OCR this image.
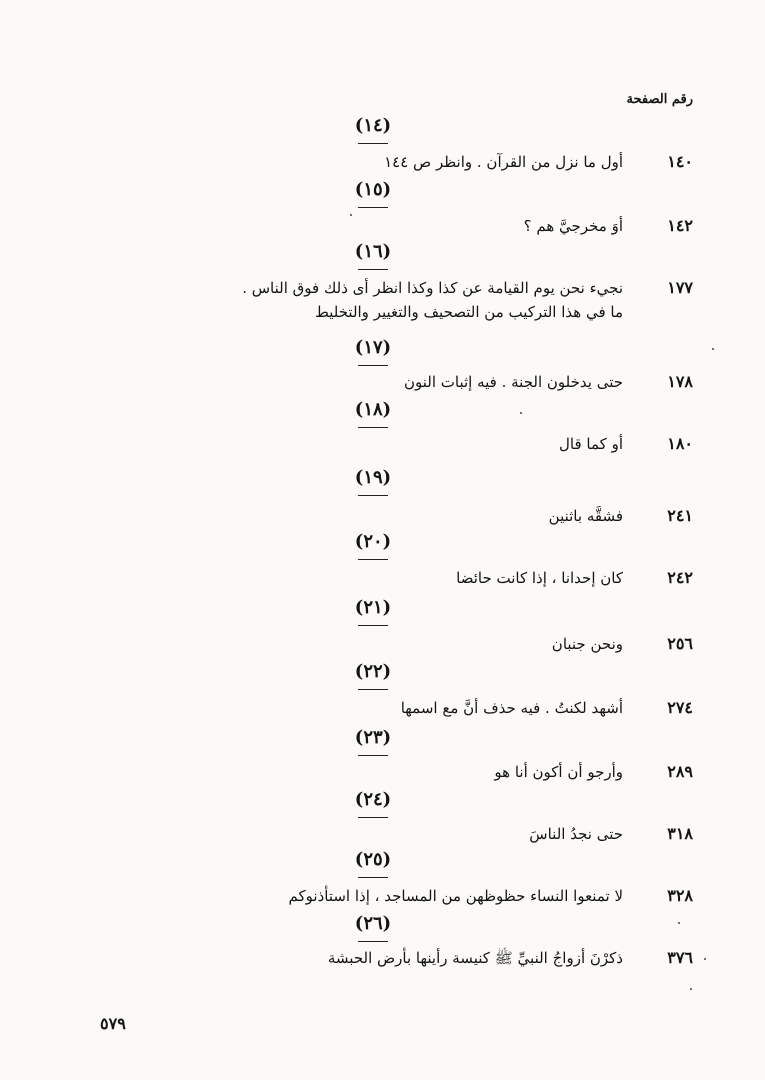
رقم الصفحة
(١٤)
١٤٠
أول ما نزل من القرآن . وانظر ص ١٤٤
(١٥)
١٤٢
أوَ مخرجيَّ هم ؟
(١٦)
١٧٧
نجيء نحن يوم القيامة عن كذا وكذا انظر أى ذلك فوق الناس .
ما في هذا التركيب من التصحيف والتغيير والتخليط
(١٧)
١٧٨
حتى يدخلون الجنة . فيه إثبات النون
(١٨)
١٨٠
أو كما قال
(١٩)
٢٤١
فشقَّه باثنين
(٢٠)
٢٤٢
كان إحدانا ، إذا كانت حائضا
(٢١)
٢٥٦
ونحن جنبان
(٢٢)
٢٧٤
أشهد لكنتُ . فيه حذف أنَّ مع اسمها
(٢٣)
٢٨٩
وأرجو أن أكون أنا هو
(٢٤)
٣١٨
حتى نجدُ الناسَ
(٢٥)
٣٢٨
لا تمنعوا النساء حظوظهن من المساجد ، إذا استأذنوكم
(٢٦)
٣٧٦
ذكرْنَ أزواجُ النبيِّ ﷺ كنيسة رأينها بأرض الحبشة
٥٧٩
